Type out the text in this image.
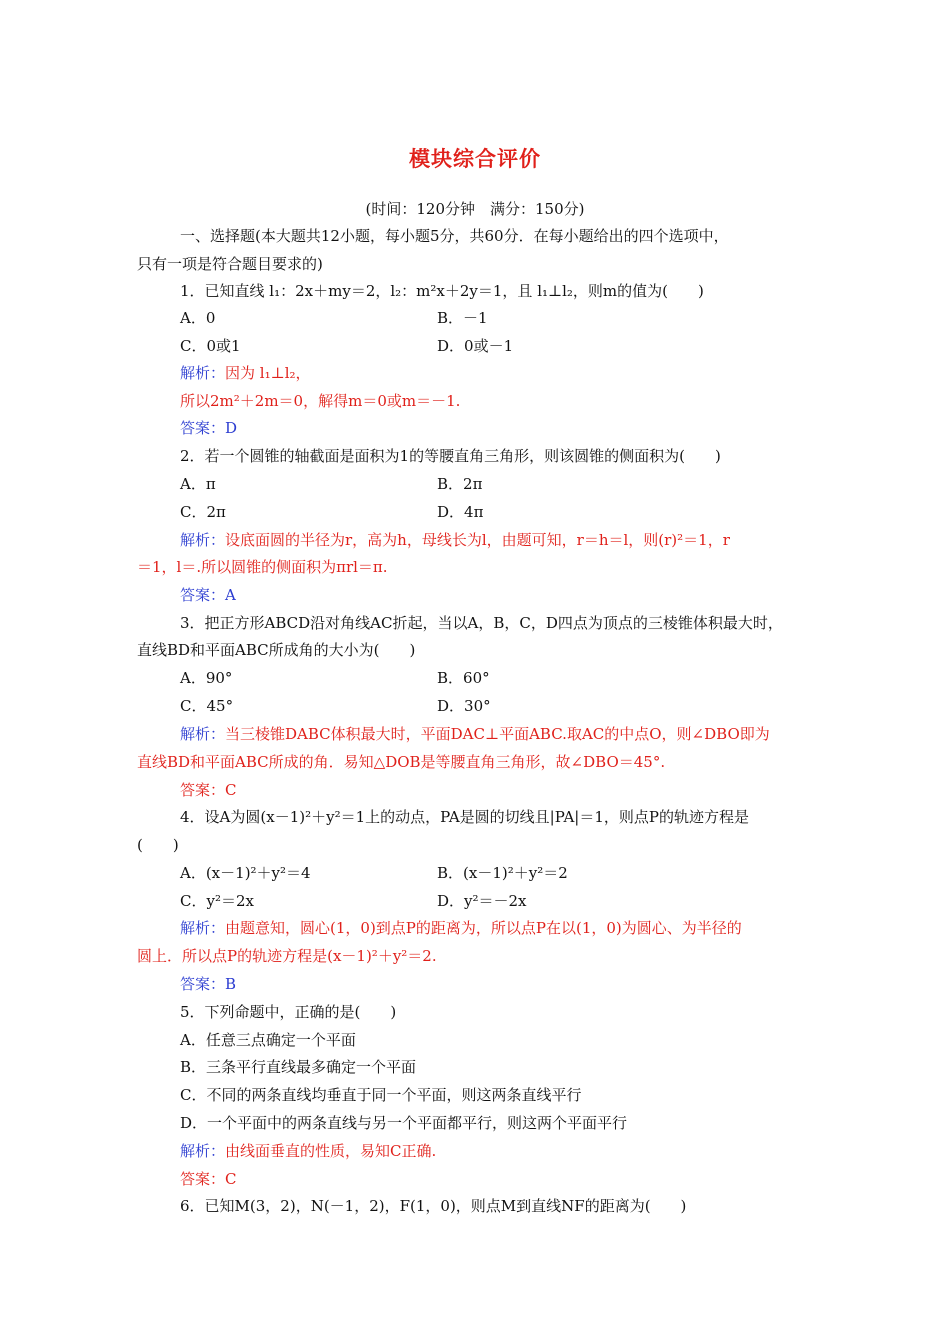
模块综合评价
(时间：120分钟　满分：150分)
一、选择题(本大题共12小题，每小题5分，共60分．在每小题给出的四个选项中，
只有一项是符合题目要求的)
1．已知直线 l₁：2x＋my＝2，l₂：m²x＋2y＝1，且 l₁⊥l₂，则m的值为(　　)
A．0	B．－1
C．0或1	D．0或－1
解析：因为 l₁⊥l₂，
所以2m²＋2m＝0，解得m＝0或m＝－1.
答案：D
2．若一个圆锥的轴截面是面积为1的等腰直角三角形，则该圆锥的侧面积为(　　)
A．π	B．2π
C．2π	D．4π
解析：设底面圆的半径为r，高为h，母线长为l，由题可知，r＝h＝l，则(r)²＝1，r
＝1，l＝.所以圆锥的侧面积为πrl＝π.
答案：A
3．把正方形ABCD沿对角线AC折起，当以A，B，C，D四点为顶点的三棱锥体积最大时，
直线BD和平面ABC所成角的大小为(　　)
A．90°	B．60°
C．45°	D．30°
解析：当三棱锥DABC体积最大时，平面DAC⊥平面ABC.取AC的中点O，则∠DBO即为
直线BD和平面ABC所成的角．易知△DOB是等腰直角三角形，故∠DBO＝45°.
答案：C
4．设A为圆(x－1)²＋y²＝1上的动点，PA是圆的切线且|PA|＝1，则点P的轨迹方程是
(　　)
A．(x－1)²＋y²＝4	B．(x－1)²＋y²＝2
C．y²＝2x	D．y²＝－2x
解析：由题意知，圆心(1，0)到点P的距离为，所以点P在以(1，0)为圆心、为半径的
圆上．所以点P的轨迹方程是(x－1)²＋y²＝2.
答案：B
5．下列命题中，正确的是(　　)
A．任意三点确定一个平面
B．三条平行直线最多确定一个平面
C．不同的两条直线均垂直于同一个平面，则这两条直线平行
D．一个平面中的两条直线与另一个平面都平行，则这两个平面平行
解析：由线面垂直的性质，易知C正确.
答案：C
6．已知M(3，2)，N(－1，2)，F(1，0)，则点M到直线NF的距离为(　　)
